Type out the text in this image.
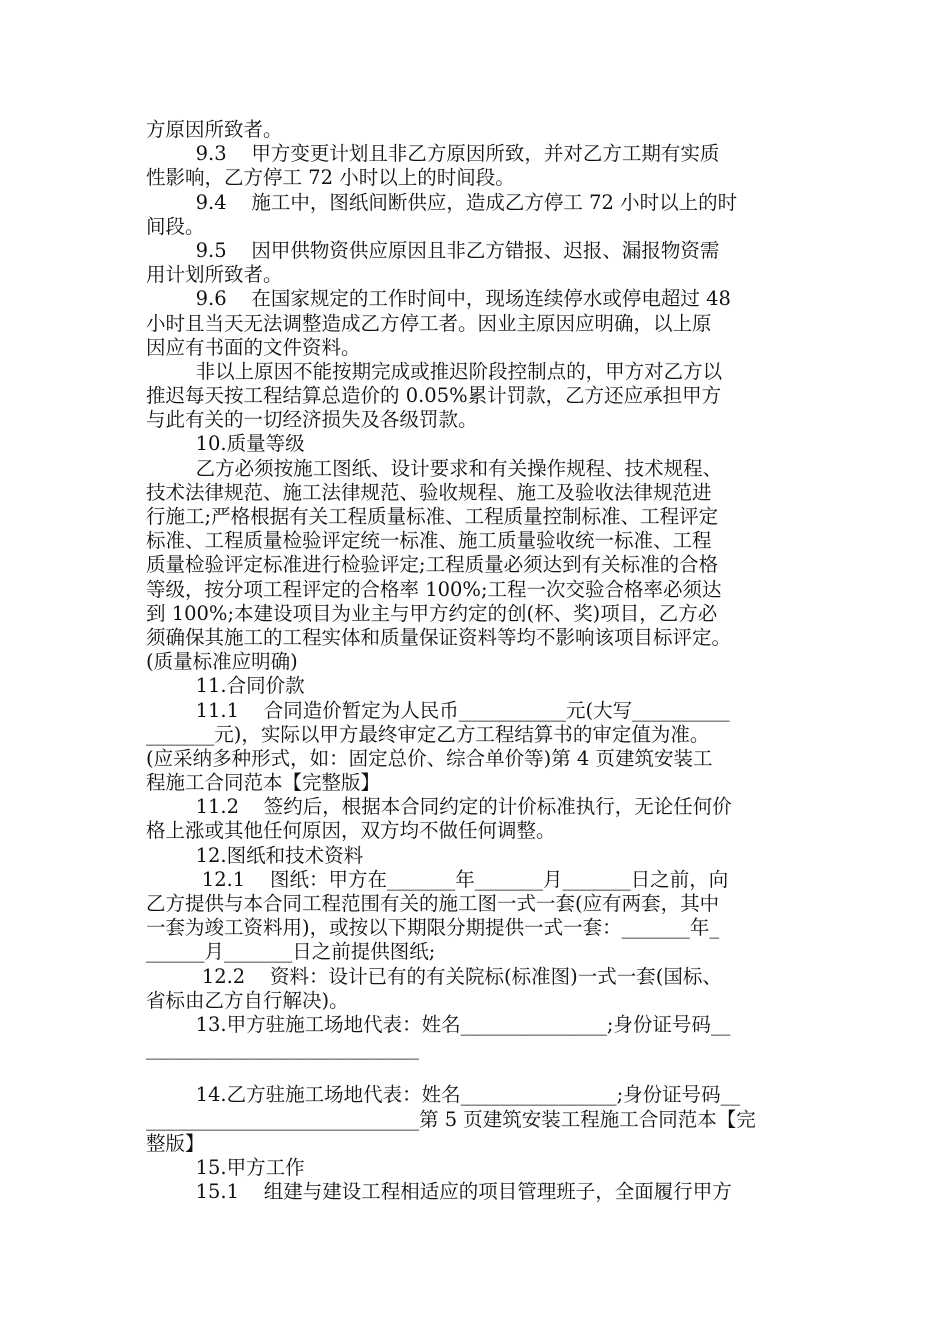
方原因所致者。
9.3    甲方变更计划且非乙方原因所致，并对乙方工期有实质
性影响，乙方停工 72 小时以上的时间段。
9.4    施工中，图纸间断供应，造成乙方停工 72 小时以上的时
间段。
9.5    因甲供物资供应原因且非乙方错报、迟报、漏报物资需
用计划所致者。
9.6    在国家规定的工作时间中，现场连续停水或停电超过 48
小时且当天无法调整造成乙方停工者。因业主原因应明确，以上原
因应有书面的文件资料。
非以上原因不能按期完成或推迟阶段控制点的，甲方对乙方以
推迟每天按工程结算总造价的 0.05%累计罚款，乙方还应承担甲方
与此有关的一切经济损失及各级罚款。
10.质量等级
乙方必须按施工图纸、设计要求和有关操作规程、技术规程、
技术法律规范、施工法律规范、验收规程、施工及验收法律规范进
行施工;严格根据有关工程质量标准、工程质量控制标准、工程评定
标准、工程质量检验评定统一标准、施工质量验收统一标准、工程
质量检验评定标准进行检验评定;工程质量必须达到有关标准的合格
等级，按分项工程评定的合格率 100%;工程一次交验合格率必须达
到 100%;本建设项目为业主与甲方约定的创(杯、奖)项目，乙方必
须确保其施工的工程实体和质量保证资料等均不影响该项目标评定。
(质量标准应明确)
11.合同价款
11.1    合同造价暂定为人民币___________元(大写__________
_______元)，实际以甲方最终审定乙方工程结算书的审定值为准。
(应采纳多种形式，如：固定总价、综合单价等)第 4 页建筑安装工
程施工合同范本【完整版】
11.2    签约后，根据本合同约定的计价标准执行，无论任何价
格上涨或其他任何原因，双方均不做任何调整。
12.图纸和技术资料
12.1    图纸：甲方在_______年_______月_______日之前，向
乙方提供与本合同工程范围有关的施工图一式一套(应有两套，其中
一套为竣工资料用)，或按以下期限分期提供一式一套：_______年_
______月_______日之前提供图纸;
12.2    资料：设计已有的有关院标(标准图)一式一套(国标、
省标由乙方自行解决)。
13.甲方驻施工场地代表：姓名_______________;身份证号码__
____________________________
14.乙方驻施工场地代表：姓名________________;身份证号码__
____________________________第 5 页建筑安装工程施工合同范本【完
整版】
15.甲方工作
15.1    组建与建设工程相适应的项目管理班子，全面履行甲方
